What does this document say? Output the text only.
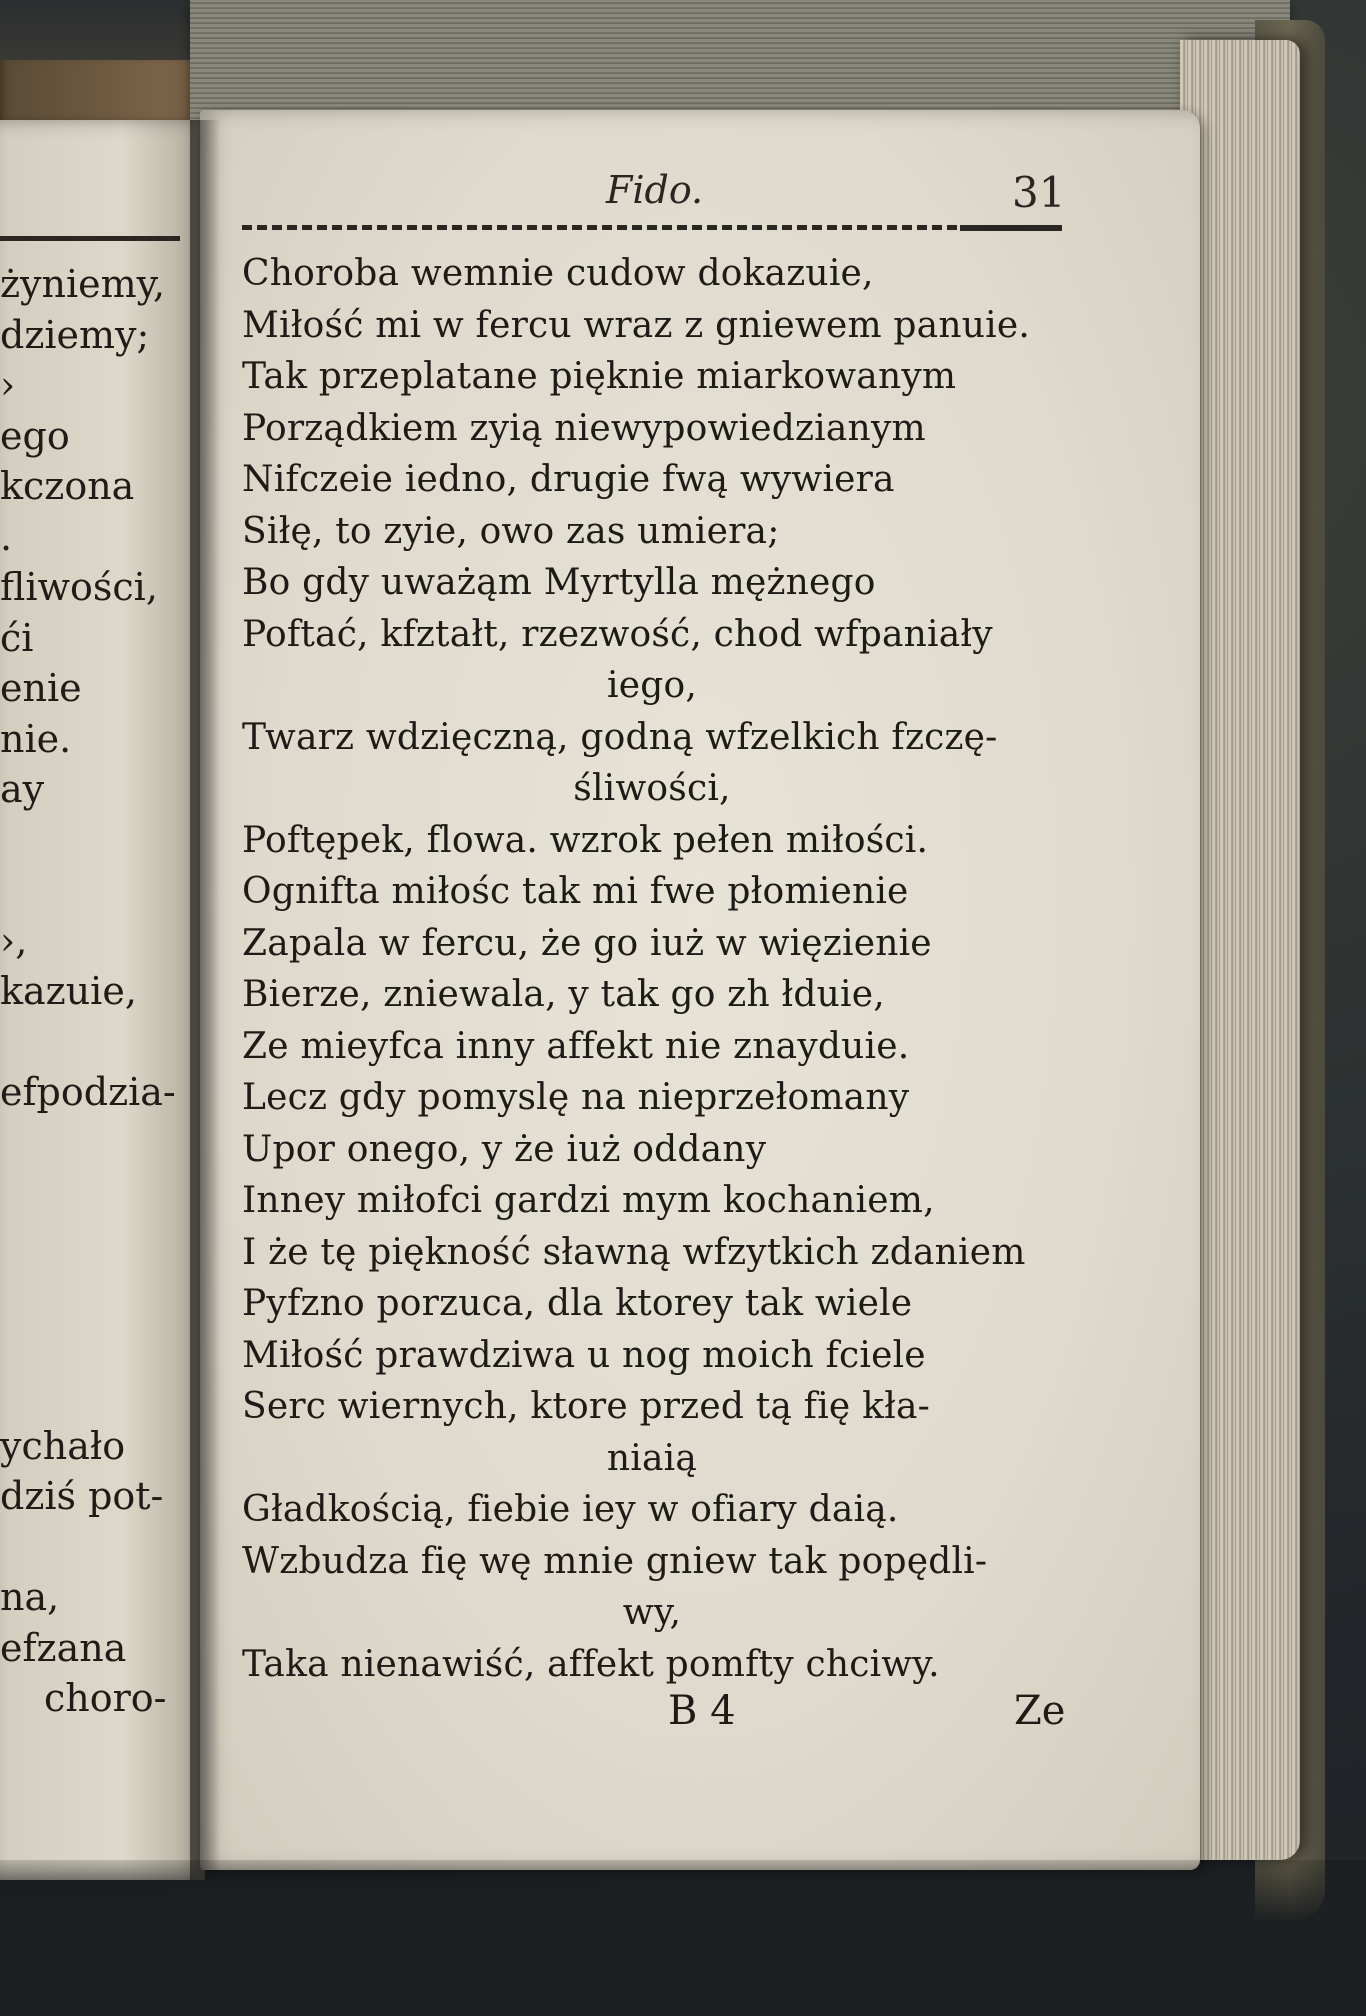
Fido.	31
Choroba wemnie cudow dokazuie,
Miłość mi w fercu wraz z gniewem panuie.
Tak przeplatane pięknie miarkowanym
Porządkiem zyią niewypowiedzianym
Nifczeie iedno, drugie fwą wywiera
Siłę, to zyie, owo zas umiera;
Bo gdy uważąm Myrtylla mężnego
Poftać, kfztałt, rzezwość, chod wfpaniały
iego,
Twarz wdzięczną, godną wfzelkich fzczę-
śliwości,
Poftępek, flowa. wzrok pełen miłości.
Ognifta miłośc tak mi fwe płomienie
Zapala w fercu, że go iuż w więzienie
Bierze, zniewala, y tak go zh łduie,
Ze mieyfca inny affekt nie znayduie.
Lecz gdy pomyslę na nieprzełomany
Upor onego, y że iuż oddany
Inney miłofci gardzi mym kochaniem,
I że tę piękność sławną wfzytkich zdaniem
Pyfzno porzuca, dla ktorey tak wiele
Miłość prawdziwa u nog moich fciele
Serc wiernych, ktore przed tą fię kła-
niaią
Gładkością, fiebie iey w ofiary daią.
Wzbudza fię wę mnie gniew tak popędli-
wy,
Taka nienawiść, affekt pomfty chciwy.
B 4	Ze
żyniemy,
dziemy;
›
ego
kczona
.
fliwości,
ći
enie
nie.
ay
›,
kazuie,
efpodzia-
ychało
dziś pot-
na,
efzana
choro-
